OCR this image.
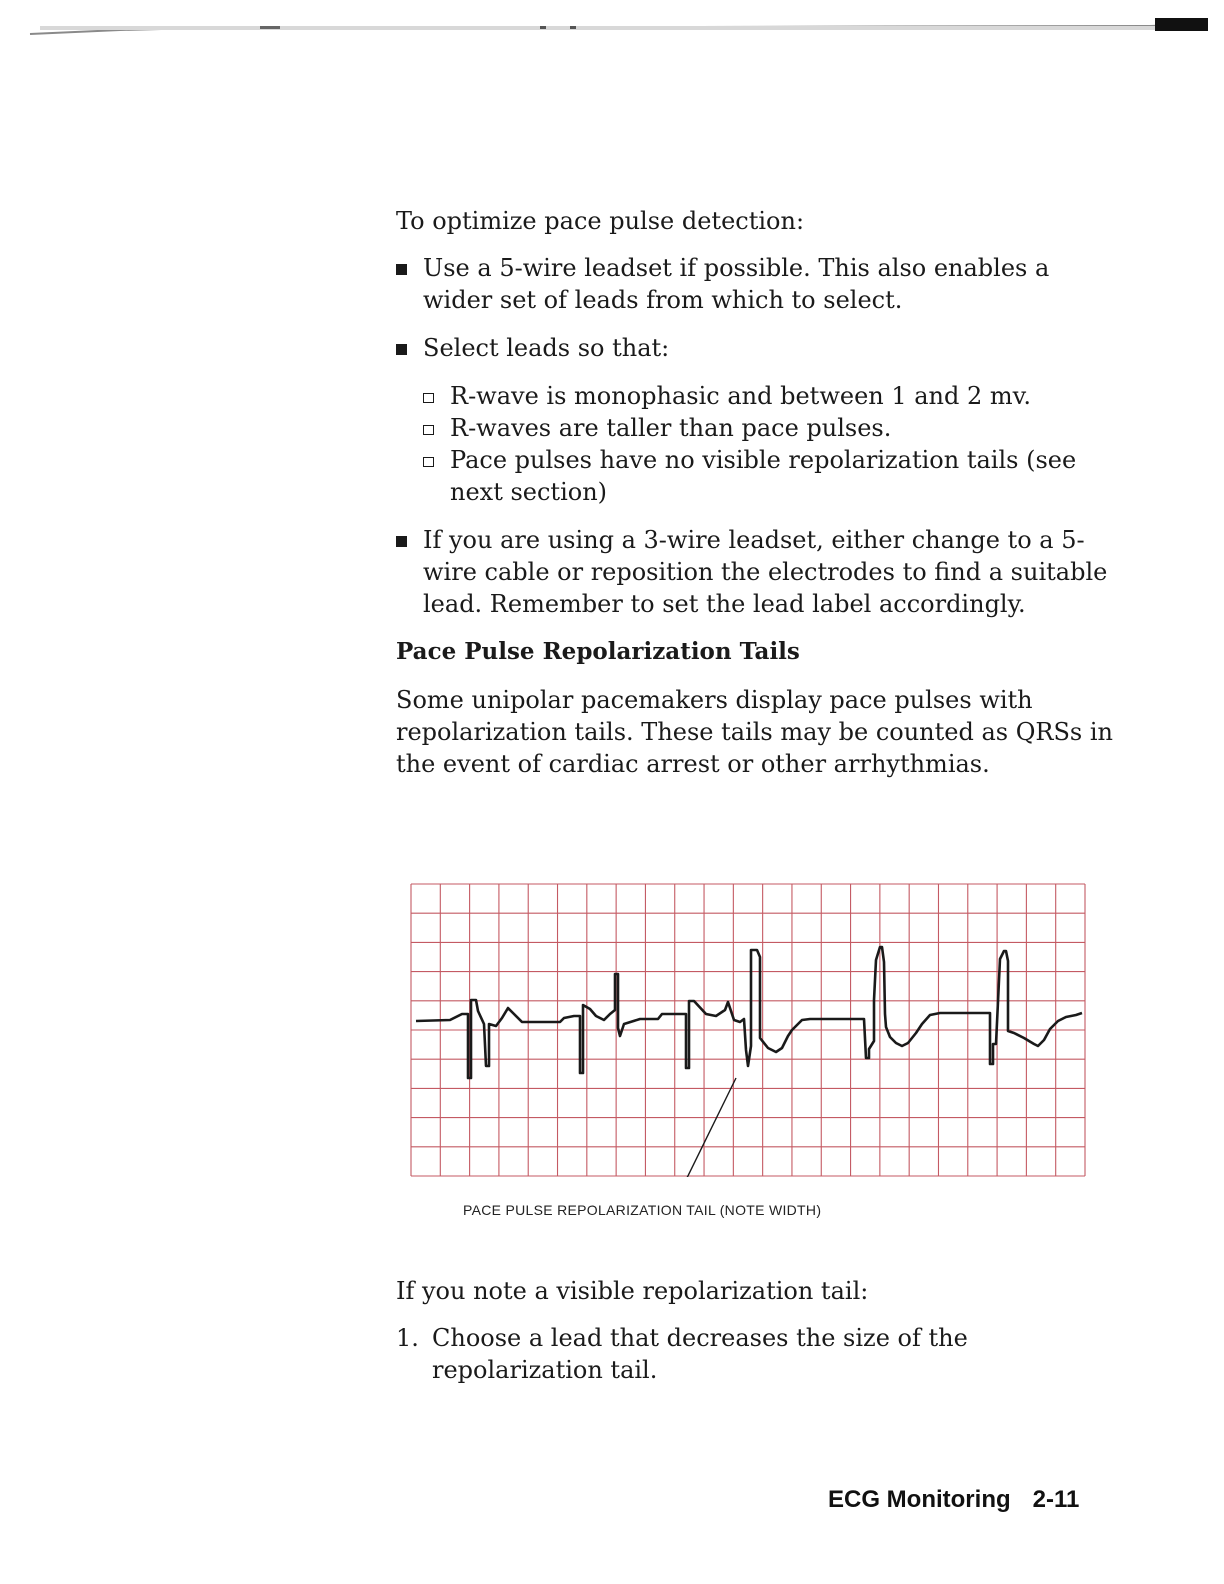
To optimize pace pulse detection:

Use a 5-wire leadset if possible. This also enables a wider set of leads from which to select.
Select leads so that:
R-wave is monophasic and between 1 and 2 mv.
R-waves are taller than pace pulses.
Pace pulses have no visible repolarization tails (see next section)
If you are using a 3-wire leadset, either change to a 5-wire cable or reposition the electrodes to find a suitable lead. Remember to set the lead label accordingly.

Pace Pulse Repolarization Tails

Some unipolar pacemakers display pace pulses with repolarization tails. These tails may be counted as QRSs in the event of cardiac arrest or other arrhythmias.

PACE PULSE REPOLARIZATION TAIL (NOTE WIDTH)

If you note a visible repolarization tail:

1. Choose a lead that decreases the size of the repolarization tail.
ECG Monitoring 2-11
